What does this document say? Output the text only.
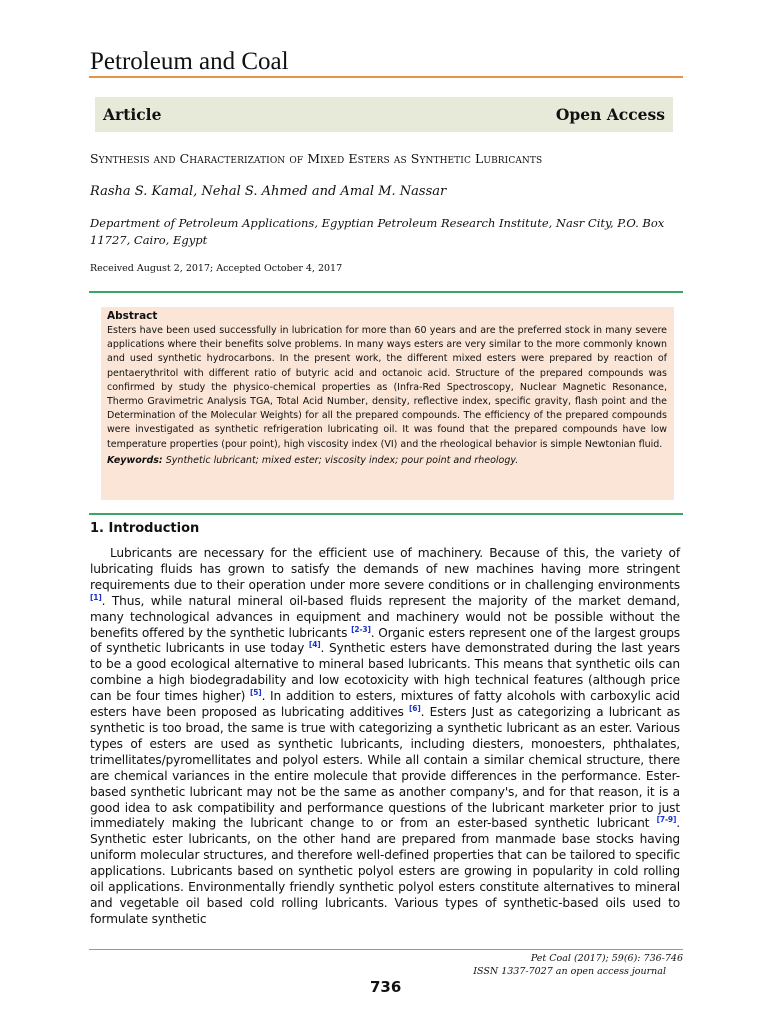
Petroleum and Coal
Article	Open Access
Synthesis and Characterization of Mixed Esters as Synthetic Lubricants
Rasha S. Kamal, Nehal S. Ahmed and Amal M. Nassar
Department of Petroleum Applications, Egyptian Petroleum Research Institute, Nasr City, P.O. Box 11727, Cairo, Egypt
Received August 2, 2017; Accepted October 4, 2017
Abstract
Esters have been used successfully in lubrication for more than 60 years and are the preferred stock in many severe applications where their benefits solve problems. In many ways esters are very similar to the more commonly known and used synthetic hydrocarbons. In the present work, the different mixed esters were prepared by reaction of pentaerythritol with different ratio of butyric acid and octanoic acid. Structure of the prepared compounds was confirmed by study the physico-chemical properties as (Infra-Red Spectroscopy, Nuclear Magnetic Resonance, Thermo Gravimetric Analysis TGA, Total Acid Number, density, reflective index, specific gravity, flash point and the Determination of the Molecular Weights) for all the prepared compounds. The efficiency of the prepared compounds were investigated as synthetic refrigeration lubricating oil. It was found that the prepared compounds have low temperature properties (pour point), high viscosity index (VI) and the rheological behavior is simple Newtonian fluid.
Keywords: Synthetic lubricant; mixed ester; viscosity index; pour point and rheology.
1. Introduction
Lubricants are necessary for the efficient use of machinery. Because of this, the variety of lubricating fluids has grown to satisfy the demands of new machines having more stringent requirements due to their operation under more severe conditions or in challenging environments [1]. Thus, while natural mineral oil-based fluids represent the majority of the market demand, many technological advances in equipment and machinery would not be possible without the benefits offered by the synthetic lubricants [2-3]. Organic esters represent one of the largest groups of synthetic lubricants in use today [4]. Synthetic esters have demonstrated during the last years to be a good ecological alternative to mineral based lubricants. This means that synthetic oils can combine a high biodegradability and low ecotoxicity with high technical features (although price can be four times higher) [5]. In addition to esters, mixtures of fatty alcohols with carboxylic acid esters have been proposed as lubricating additives [6]. Esters Just as categorizing a lubricant as synthetic is too broad, the same is true with categorizing a synthetic lubricant as an ester. Various types of esters are used as synthetic lubricants, including diesters, monoesters, phthalates, trimellitates/pyromellitates and polyol esters. While all contain a similar chemical structure, there are chemical variances in the entire molecule that provide differences in the performance. Ester-based synthetic lubricant may not be the same as another company's, and for that reason, it is a good idea to ask compatibility and performance questions of the lubricant marketer prior to just immediately making the lubricant change to or from an ester-based synthetic lubricant [7-9]. Synthetic ester lubricants, on the other hand are prepared from manmade base stocks having uniform molecular structures, and therefore well-defined properties that can be tailored to specific applications. Lubricants based on synthetic polyol esters are growing in popularity in cold rolling oil applications. Environmentally friendly synthetic polyol esters constitute alternatives to mineral and vegetable oil based cold rolling lubricants. Various types of synthetic-based oils used to formulate synthetic
Pet Coal (2017); 59(6): 736-746
ISSN 1337-7027 an open access journal
736
